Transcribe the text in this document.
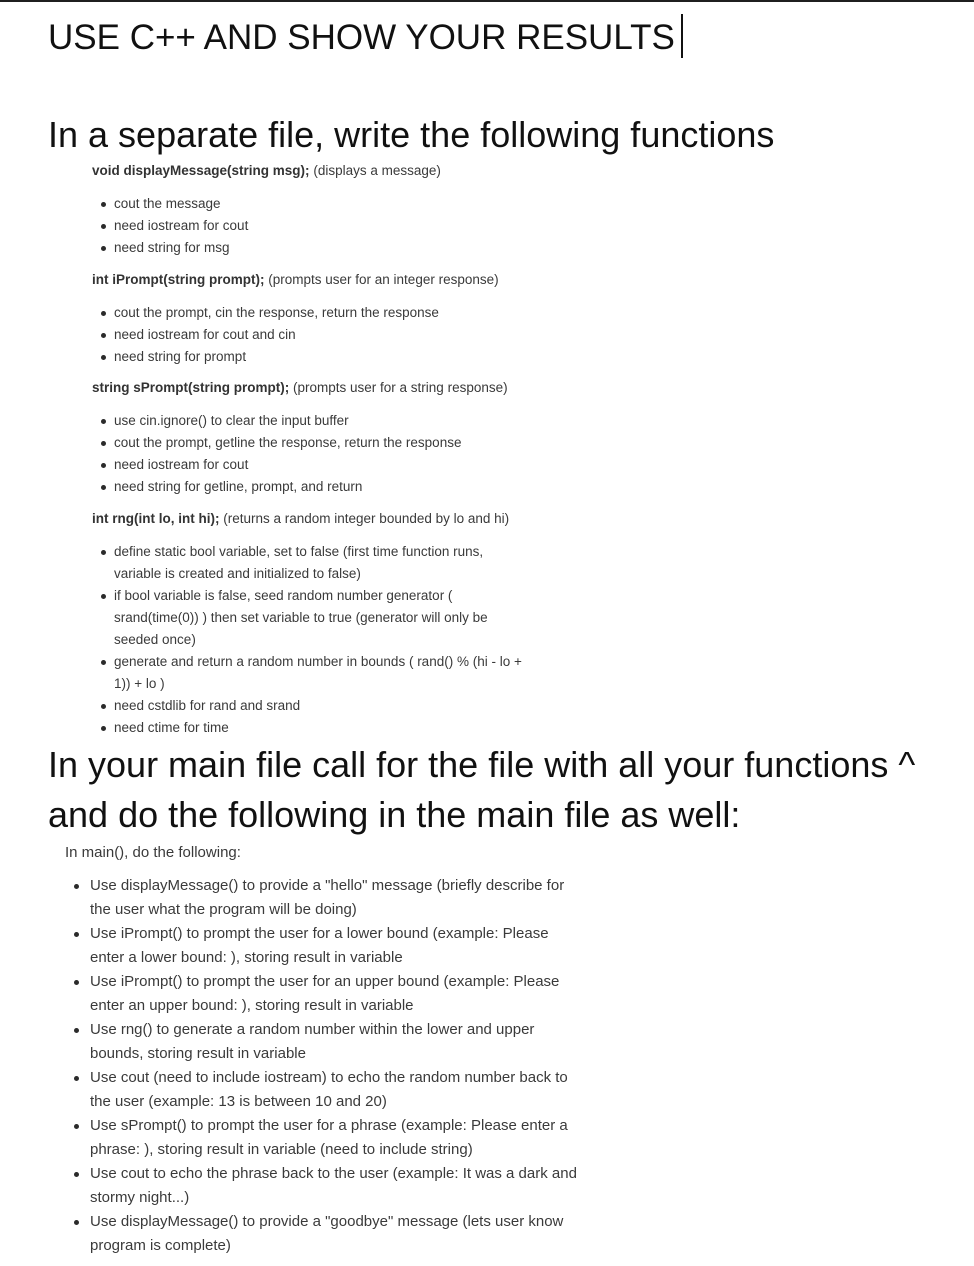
USE C++ AND SHOW YOUR RESULTS
In a separate file, write the following functions
void displayMessage(string msg); (displays a message)
cout the message
need iostream for cout
need string for msg
int iPrompt(string prompt); (prompts user for an integer response)
cout the prompt, cin the response, return the response
need iostream for cout and cin
need string for prompt
string sPrompt(string prompt); (prompts user for a string response)
use cin.ignore() to clear the input buffer
cout the prompt, getline the response, return the response
need iostream for cout
need string for getline, prompt, and return
int rng(int lo, int hi); (returns a random integer bounded by lo and hi)
define static bool variable, set to false (first time function runs, variable is created and initialized to false)
if bool variable is false, seed random number generator ( srand(time(0)) ) then set variable to true (generator will only be seeded once)
generate and return a random number in bounds ( rand() % (hi - lo + 1)) + lo )
need cstdlib for rand and srand
need ctime for time
In your main file call for the file with all your functions ^
and do the following in the main file as well:
In main(), do the following:
Use displayMessage() to provide a "hello" message (briefly describe for the user what the program will be doing)
Use iPrompt() to prompt the user for a lower bound (example: Please enter a lower bound: ), storing result in variable
Use iPrompt() to prompt the user for an upper bound (example: Please enter an upper bound: ), storing result in variable
Use rng() to generate a random number within the lower and upper bounds, storing result in variable
Use cout (need to include iostream) to echo the random number back to the user (example: 13 is between 10 and 20)
Use sPrompt() to prompt the user for a phrase (example: Please enter a phrase: ), storing result in variable (need to include string)
Use cout to echo the phrase back to the user (example: It was a dark and stormy night...)
Use displayMessage() to provide a "goodbye" message (lets user know program is complete)
